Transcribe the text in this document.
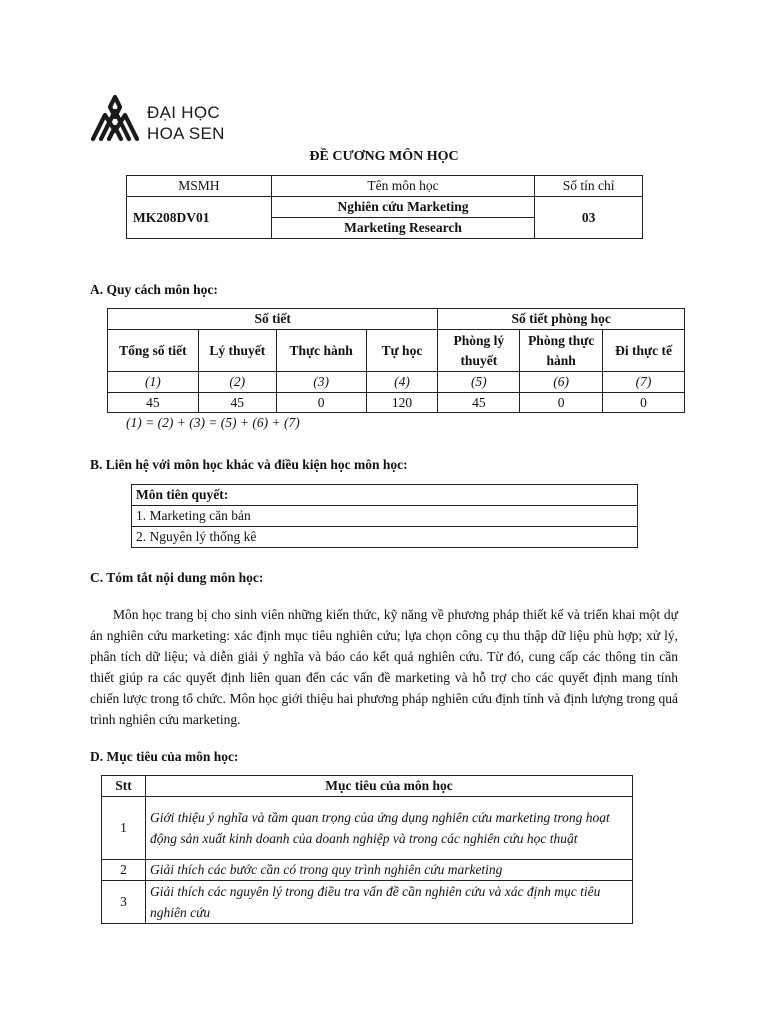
ĐẠI HỌC
HOA SEN
ĐỀ CƯƠNG MÔN HỌC
MSMH	Tên môn học	Số tín chỉ
MK208DV01	Nghiên cứu Marketing	03
	Marketing Research	
A. Quy cách môn học:
Số tiết				Số tiết phòng học		
Tổng số tiết	Lý thuyết	Thực hành	Tự học	Phòng lý thuyết	Phòng thực hành	Đi thực tế
(1)	(2)	(3)	(4)	(5)	(6)	(7)
45	45	0	120	45	0	0
(1) = (2) + (3) = (5) + (6) + (7)
B. Liên hệ với môn học khác và điều kiện học môn học:
Môn tiên quyết:
1. Marketing căn bản
2. Nguyên lý thống kê
C. Tóm tắt nội dung môn học:
Môn học trang bị cho sinh viên những kiến thức, kỹ năng về phương pháp thiết kế và triển khai một dự án nghiên cứu marketing: xác định mục tiêu nghiên cứu; lựa chọn công cụ thu thập dữ liệu phù hợp; xử lý, phân tích dữ liệu; và diễn giải ý nghĩa và báo cáo kết quả nghiên cứu. Từ đó, cung cấp các thông tin cần thiết giúp ra các quyết định liên quan đến các vấn đề marketing và hỗ trợ cho các quyết định mang tính chiến lược trong tổ chức. Môn học giới thiệu hai phương pháp nghiên cứu định tính và định lượng trong quá trình nghiên cứu marketing.
D. Mục tiêu của môn học:
Stt	Mục tiêu của môn học
1	Giới thiệu ý nghĩa và tầm quan trọng của ứng dụng nghiên cứu marketing trong hoạt động sản xuất kinh doanh của doanh nghiệp và trong các nghiên cứu học thuật
2	Giải thích các bước cần có trong quy trình nghiên cứu marketing
3	Giải thích các nguyên lý trong điều tra vấn đề cần nghiên cứu và xác định mục tiêu nghiên cứu
